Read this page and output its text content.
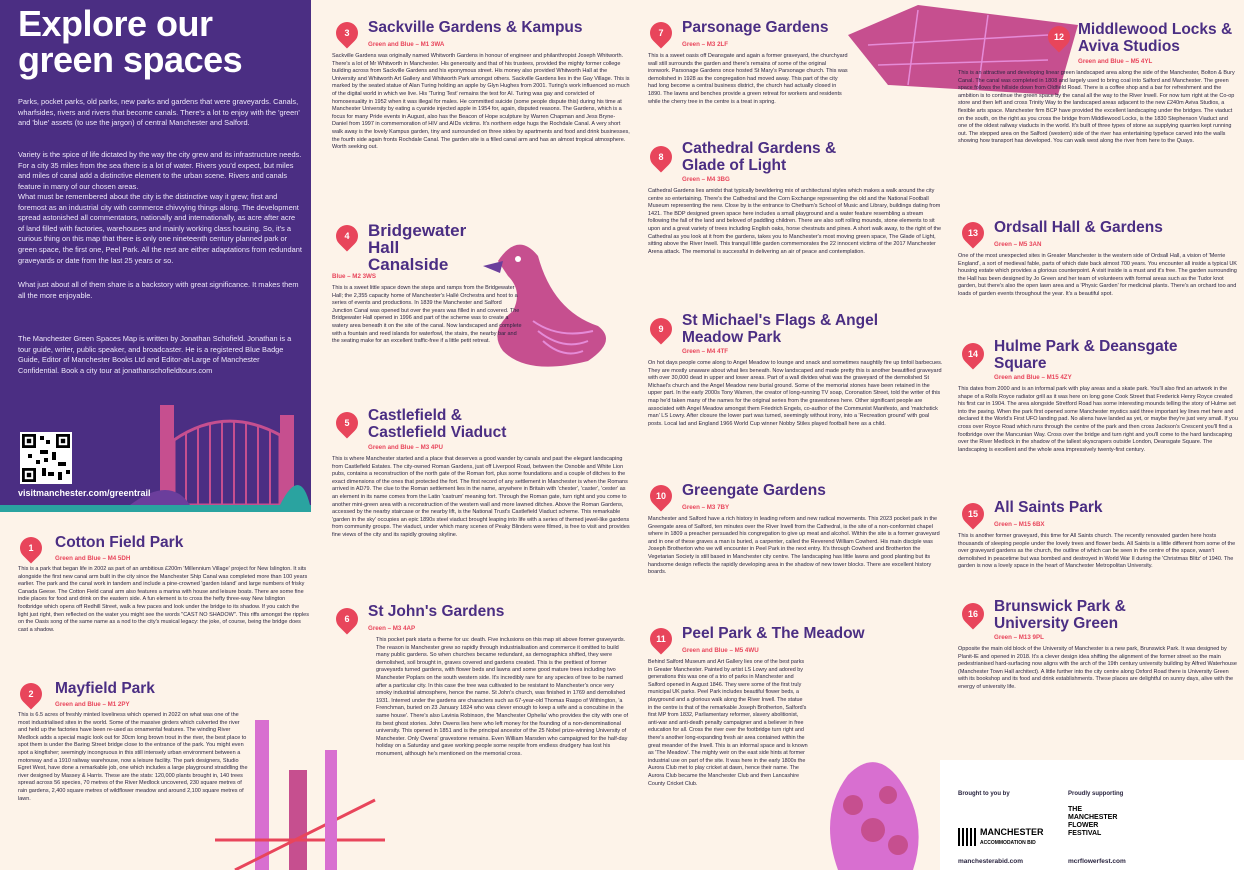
Explore our
green spaces

Parks, pocket parks, old parks, new parks and gardens that were graveyards. Canals, wharfsides, rivers and rivers that become canals. There's a lot to enjoy with the 'green' and 'blue' assets (to use the jargon) of central Manchester and Salford.

Variety is the spice of life dictated by the way the city grew and its infrastructure needs. For a city 35 miles from the sea there is a lot of water. Rivers you'd expect, but miles and miles of canal add a distinctive element to the urban scene. Rivers and canals feature in many of our chosen areas.

What must be remembered about the city is the distinctive way it grew; first and foremost as an industrial city with commerce chivvying things along. The development spread astonished all commentators, nationally and internationally, as acre after acre of land filled with factories, warehouses and mainly working class housing. So, it's a curious thing on this map that there is only one nineteenth century planned park or green space, the first one, Peel Park. All the rest are either adaptations from redundant graveyards or date from the last 25 years or so.

What just about all of them share is a backstory with great significance. It makes them all the more enjoyable.

The Manchester Green Spaces Map is written by Jonathan Schofield. Jonathan is a tour guide, writer, public speaker, and broadcaster. He is a registered Blue Badge Guide, Editor of Manchester Books Ltd and Editor-at-Large of Manchester Confidential. Book a city tour at jonathanschofieldtours.com

visitmanchester.com/greentrail
1	Cotton Field Park
Green and Blue – M4 5DH

This is a park that began life in 2002 as part of an ambitious £200m 'Millennium Village' project for New Islington. It sits alongside the first new canal arm built in the city since the Manchester Ship Canal was completed more than 100 years earlier. The park and the canal work in tandem and include a pine-crowned 'garden island' and large numbers of frisky Canada Geese. The Cotton Field canal arm also features a marina with house and leisure boats. There are some fine indie places for food and drink on the eastern side. A fun element is to cross the hefty three-way New Islington footbridge which opens off Redhill Street, walk a few paces and look under the bridge to its shadow. If you catch the light just right, then reflected on the water you might see the words "CAST NO SHADOW". This riffs amongst the ripples on the Oasis song of the same name as a nod to the city's musical legacy: the joke, of course, being the bridge does cast a shadow.

2	Mayfield Park
Green and Blue – M1 2PY

This is 6.5 acres of freshly minted loveliness which opened in 2022 on what was one of the most industrialised sites in the world. Some of the massive girders which culverted the river and held up the factories have been re-used as ornamental features. The winding River Medlock adds a special magic look out for 30cm long brown trout in the river, the best place to spot them is under the Baring Street bridge close to the entrance of the park. You might even spot a kingfisher; seemingly incongruous in this still intensely urban environment between a motorway and a 1910 railway warehouse, now a leisure facility. The park designers, Studio Egret West, have done a remarkable job, one which includes a large playground straddling the river designed by Massey & Harris. These are the stats: 120,000 plants brought in, 140 trees spread across 56 species, 70 metres of the River Medlock uncovered, 230 square metres of rain gardens, 2,400 square metres of wildflower meadow and around 2,100 square metres of lawn.

3	Sackville Gardens & Kampus
Green and Blue – M1 3WA

Sackville Gardens was originally named Whitworth Gardens in honour of engineer and philanthropist Joseph Whitworth. There's a lot of Mr Whitworth in Manchester. His generosity and that of his trustees, provided the mighty former college building across from Sackville Gardens and his eponymous street. His money also provided Whitworth Hall at the University and Whitworth Art Gallery and Whitworth Park amongst others. Sackville Gardens lies in the Gay Village. This is marked by the seated statue of Alan Turing holding an apple by Glyn Hughes from 2001. Turing's work influenced so much of the digital world in which we live. His 'Turing Test' remains the test for AI. Turing was gay and convicted of homosexuality in 1952 when it was illegal for males. He committed suicide (some people dispute this) during his time at Manchester University by eating a cyanide injected apple in 1954 for, again, disputed reasons. The Gardens, which is a focus for many Pride events in August, also has the Beacon of Hope sculpture by Warren Chapman and Jess Bryne-Daniel from 1997 in commemoration of HIV and AIDs victims. It's northern edge hugs the Rochdale Canal. A very short walk away is the lovely Kampus garden, tiny and surrounded on three sides by apartments and food and drink businesses, the fourth side again fronts Rochdale Canal. The garden site is a filled canal arm and has an almost tropical atmosphere. Worth seeking out.

4	Bridgewater Hall Canalside
Blue – M2 3WS

This is a sweet little space down the steps and ramps from the Bridgewater Hall; the 2,355 capacity home of Manchester's Hallé Orchestra and host to a series of events and productions. In 1839 the Manchester and Salford Junction Canal was opened but over the years was filled in and covered. The Bridgewater Hall opened in 1996 and part of the scheme was to create a watery area beneath it on the site of the canal. Now landscaped and complete with a fountain and reed islands for waterfowl, the stairs, the nearby bar and the seating make for an excellent traffic-free if a little petit retreat.

5	Castlefield & Castlefield Viaduct
Green and Blue – M3 4PU

This is where Manchester started and a place that deserves a good wander by canals and past the elegant landscaping from Castlefield Estates. The city-owned Roman Gardens, just off Liverpool Road, between the Oxnoble and White Lion pubs, contains a reconstruction of the north gate of the Roman fort, plus some foundations and a couple of ditches to the exact dimensions of the ones that protected the fort. The first record of any settlement in Manchester is when the Romans arrived in AD79. The clue to the Roman settlement lies in the name, anywhere in Britain with 'chester', 'caster', 'cester' as an element in its name comes from the Latin 'castrum' meaning fort. Through the Roman gate, turn right and you come to another mini-green area with a reconstruction of the western wall and more lawned ditches. Above the Roman Gardens, accessed by the nearby staircase or the nearby lift, is the National Trust's Castlefield Viaduct scheme. This remarkable 'garden in the sky' occupies an epic 1890s steel viaduct brought leaping into life with a series of themed jewel-like gardens from community groups. The viaduct, under which many scenes of Peaky Blinders were filmed, is free to visit and provides fine views of the city and its rapidly growing skyline.

6	St John's Gardens
Green – M3 4AP

This pocket park starts a theme for us: death. Five inclusions on this map sit above former graveyards. The reason is Manchester grew so rapidly through industrialisation and commerce it omitted to build many public gardens. So when churches became redundant, as demographics shifted, they were demolished, soil brought in, graves covered and gardens created. This is the prettiest of former graveyards turned gardens, with flower beds and lawns and some good mature trees including two Manchester Poplars on the south western side. It's incredibly rare for any species of tree to be named after a particular city. In this case the tree was cultivated to be resistant to Manchester's once very smoky industrial atmosphere, hence the name. St John's church, was finished in 1769 and demolished 1931. Interred under the gardens are characters such as 67-year-old Thomas Raspo of Withington, 'a Frenchman, buried on 23 January 1824 who was clever enough to keep a wife and a concubine in the same house'. There's also Lavinia Robinson, the 'Manchester Ophelia' who provides the city with one of its best ghost stories. John Owens lies here who left money for the founding of a non-denominational university. This opened in 1851 and is the principal ancestor of the 25 Nobel prize-winning University of Manchester. Only Owens' gravestone remains. Even William Marsden who campaigned for the half-day holiday on a Saturday and gave working people some respite from endless drudgery has lost his monument, although he's mentioned on the memorial cross.

7	Parsonage Gardens
Green – M3 2LF

This is a sweet oasis off Deansgate and again a former graveyard, the churchyard wall still surrounds the garden and there's remains of some of the original ironwork. Parsonage Gardens once hosted St Mary's Parsonage church. This was demolished in 1928 as the congregation had moved away. This part of the city had long become a central business district, the church had actually closed in 1890. The lawns and benches provide a green retreat for workers and residents while the cherry tree in the centre is a treat in spring.

8	Cathedral Gardens & Glade of Light
Green – M4 3BG

Cathedral Gardens lies amidst that typically bewildering mix of architectural styles which makes a walk around the city centre so entertaining. There's the Cathedral and the Corn Exchange representing the old and the National Football Museum representing the new. Close by is the entrance to Chetham's School of Music and Library, buildings dating from 1421. The BDP designed green space here includes a small playground and a water feature resembling a stream following the fall of the land and beloved of paddling children. There are also soft rolling mounds, stone elements to sit upon and a great variety of trees including English oaks, horse chestnuts and pines. A short walk away, to the right of the Cathedral as you look at it from the gardens, takes you to Manchester's most moving green space, The Glade of Light, sitting above the River Irwell. This tranquil little garden commemorates the 22 innocent victims of the 2017 Manchester Arena attack. The memorial is successful in delivering an air of peace and contemplation.

9	St Michael's Flags & Angel Meadow Park
Green – M4 4TF

On hot days people come along to Angel Meadow to lounge and snack and sometimes naughtily fire up tinfoil barbecues. They are mostly unaware about what lies beneath. Now landscaped and made pretty this is another beautified graveyard with over 30,000 dead in upper and lower areas. Part of a wall divides what was the graveyard of the demolished St Michael's church and the Angel Meadow new burial ground. Some of the memorial stones have been retained in the upper part. In the early 2000s Tony Warren, the creator of long-running TV soap, Coronation Street, told the writer of this map he'd taken many of the names for the original series from the gravestones here. Other significant people are associated with Angel Meadow amongst them Friedrich Engels, co-author of the Communist Manifesto, and 'matchstick man' LS Lowry. After closure the lower part was turned, seemingly without irony, into a 'Recreation ground' with goal posts. Local lad and England 1966 World Cup winner Nobby Stiles played football here as a child.

10	Greengate Gardens
Green – M3 7BY

Manchester and Salford have a rich history in leading reform and new radical movements. This 2023 pocket park in the Greengate area of Salford, ten minutes over the River Irwell from the Cathedral, is the site of a non-conformist chapel where in 1809 a preacher persuaded his congregation to give up meat and alcohol. Within the site is a former graveyard and in one of these graves a man is buried, a carpenter, called the Reverend William Cowherd. His main disciple was Joseph Brotherton who we will encounter in Peel Park in the next entry. It's through Cowherd and Brotherton the Vegetarian Society is still based in Manchester city centre. The landscaping has little lawns and good planting but its handsome design reflects the rapidly developing area in the shadow of new tower blocks. There are excellent history boards.

11	Peel Park & The Meadow
Green and Blue – M5 4WU

Behind Salford Museum and Art Gallery lies one of the best parks in Greater Manchester. Painted by artist LS Lowry and adored by generations this was one of a trio of parks in Manchester and Salford opened in August 1846. They were some of the first truly municipal UK parks. Peel Park includes beautiful flower beds, a playground and a glorious walk along the River Irwell. The statue in the centre is that of the remarkable Joseph Brotherton, Salford's first MP from 1832, Parliamentary reformer, slavery abolitionist, anti-war and anti-death penalty campaigner and a believer in free education for all. Cross the river over the footbridge turn right and there's another long-expanding fresh air area contained within the great meander of the Irwell. This is an informal space and is known as 'The Meadow'. The mighty weir on the east side hints at former industrial use on part of the site. It was here in the early 1800s the Aurora Club met to play cricket at dawn, hence their name. The Aurora Club became the Manchester Club and then Lancashire County Cricket Club.

12 Middlewood Locks & Aviva Studios
Green and Blue – M5 4YL

This is an attractive and developing linear green landscaped area along the side of the Manchester, Bolton & Bury Canal. The canal was completed in 1808 and largely used to bring coal into Salford and Manchester. The green space follows the hillside down from Oldfield Road. There is a coffee shop and a bar for refreshment and the ambition is to continue the green space by the canal all the way to the River Irwell. For now turn right at the Co-op store and then left and cross Trinity Way to the landscaped areas adjacent to the new £240m Aviva Studios, a flexible arts space. Manchester firm BCP have provided the excellent landscaping under the bridges. The viaduct on the south, on the right as you cross the bridge from Middlewood Locks, is the 1830 Stephenson Viaduct and one of the oldest railway viaducts in the world. It's built of three types of stone as supplying quarries kept running out. The stepped area on the Salford (western) side of the river has entertaining typeface carved into the walls showing how transport has developed. You can walk west along the river from here to the Quays.

13	Ordsall Hall & Gardens
Green – M5 3AN

One of the most unexpected sites in Greater Manchester is the western side of Ordsall Hall, a vision of 'Merrie England', a sort of medieval fable, parts of which date back almost 700 years. You encounter all inside a typical UK housing estate which provides a glorious counterpoint. A visit inside is a must and it's free. The garden surrounding the Hall has been designed by Jo Green and her team of volunteers with formal areas such as the Tudor knot garden, but there's also the open lawn area and a 'Physic Garden' for medicinal plants. There's an orchard too and loads of garden events throughout the year. It's a beautiful spot.

14	Hulme Park & Deansgate Square
Green and Blue – M15 4ZY

This dates from 2000 and is an informal park with play areas and a skate park. You'll also find an artwork in the shape of a Rolls Royce radiator grill as it was here on long gone Cook Street that Frederick Henry Royce created his first car in 1904. The area alongside Stretford Road has some interesting mounds telling the story of Hulme set into the paving. When the park first opened some Manchester mystics said three important ley lines met here and declared it the World's First UFO landing pad. No aliens have landed as yet, or maybe they're just very small. If you cross over Royce Road which runs through the centre of the park and then cross Jackson's Crescent you'll find a footbridge over the Mancunian Way. Cross over the bridge and turn right and you'll come to the hard landscaping over the River Medlock in the shadow of the tallest skyscrapers outside London, Deansgate Square. The landscaping is excellent and the whole area impressively twenty-first century.

15	All Saints Park
Green – M15 6BX

This is another former graveyard, this time for All Saints church. The recently renovated garden here hosts thousands of sleeping people under the lovely trees and flower beds. All Saints is a little different from some of the over graveyard gardens as the church, the outline of which can be seen in the centre of the space, wasn't demolished in peacetime but was bombed and destroyed in World War II during the 'Christmas Blitz' of 1940. The garden is now a lovely space in the heart of Manchester Metropolitan University.

16	Brunswick Park & University Green
Green – M13 9PL

Opposite the main old block of the University of Manchester is a new park, Brunswick Park. It was designed by Planit-IE and opened in 2018. It's a clever design idea shifting the alignment of the former street so the main pedestrianised hard-surfacing now aligns with the arch of the 19th century university building by Alfred Waterhouse (Manchester Town Hall architect). A little further into the city centre along Oxford Road there is University Green with its bookshop and its food and drink establishments. These places are delightful on sunny days, alive with the energy of university life.

Brought to you by	Proudly supporting
MANCHESTER
ACCOMMODATION BID
THE
MANCHESTER
FLOWER
FESTIVAL
manchesterabid.com	mcrflowerfest.com
